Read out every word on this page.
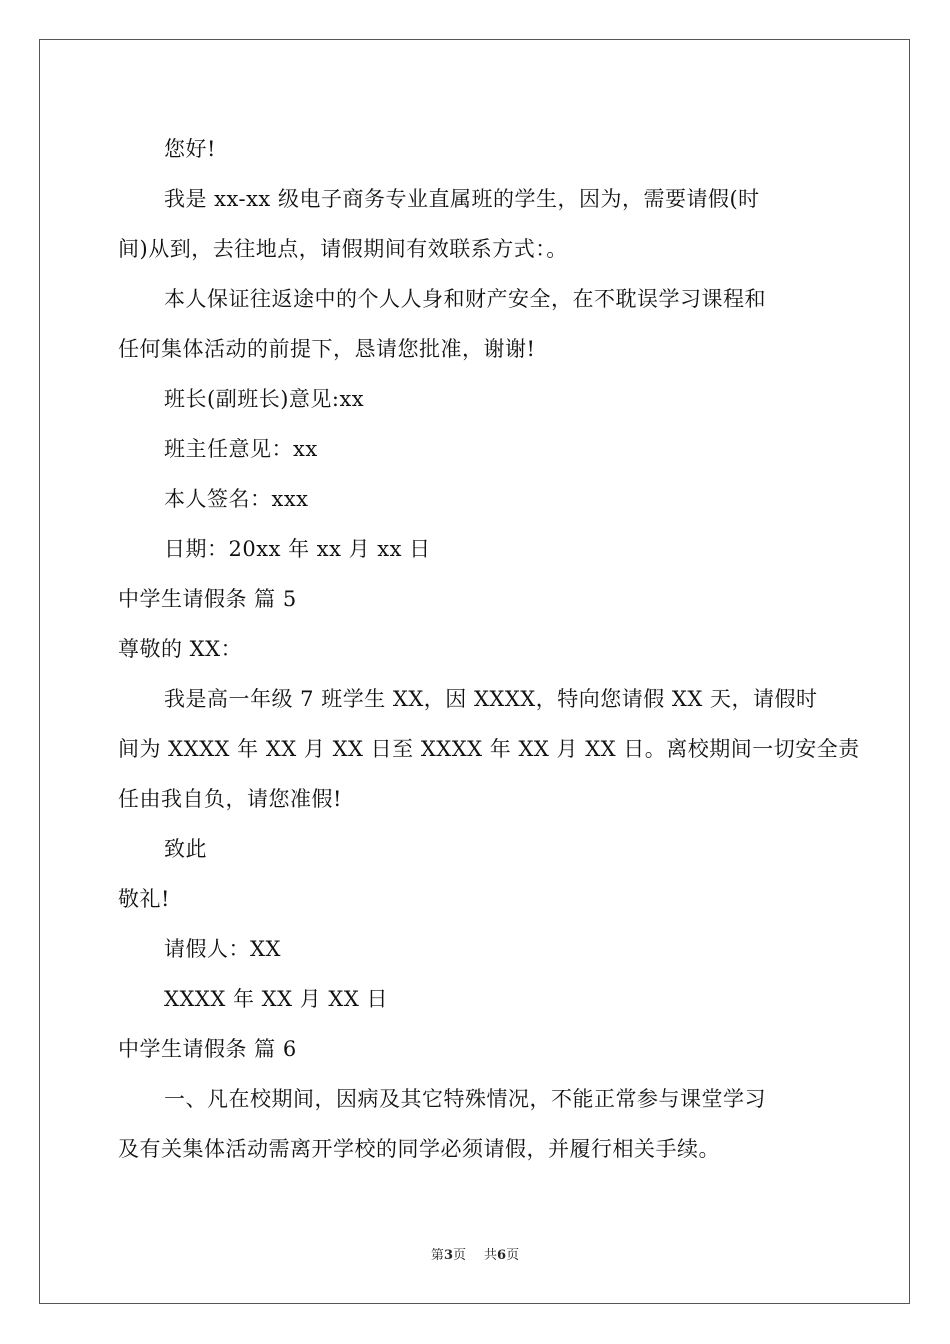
您好!
我是 xx-xx 级电子商务专业直属班的学生，因为，需要请假(时
间)从到，去往地点，请假期间有效联系方式：。
本人保证往返途中的个人人身和财产安全，在不耽误学习课程和
任何集体活动的前提下，恳请您批准，谢谢!
班长(副班长)意见:xx
班主任意见：xx
本人签名：xxx
日期：20xx 年 xx 月 xx 日
中学生请假条 篇 5
尊敬的 XX：
我是高一年级 7 班学生 XX，因 XXXX，特向您请假 XX 天，请假时
间为 XXXX 年 XX 月 XX 日至 XXXX 年 XX 月 XX 日。离校期间一切安全责
任由我自负，请您准假!
致此
敬礼!
请假人：XX
XXXX 年 XX 月 XX 日
中学生请假条 篇 6
一、凡在校期间，因病及其它特殊情况，不能正常参与课堂学习
及有关集体活动需离开学校的同学必须请假，并履行相关手续。
第3页 共6页
